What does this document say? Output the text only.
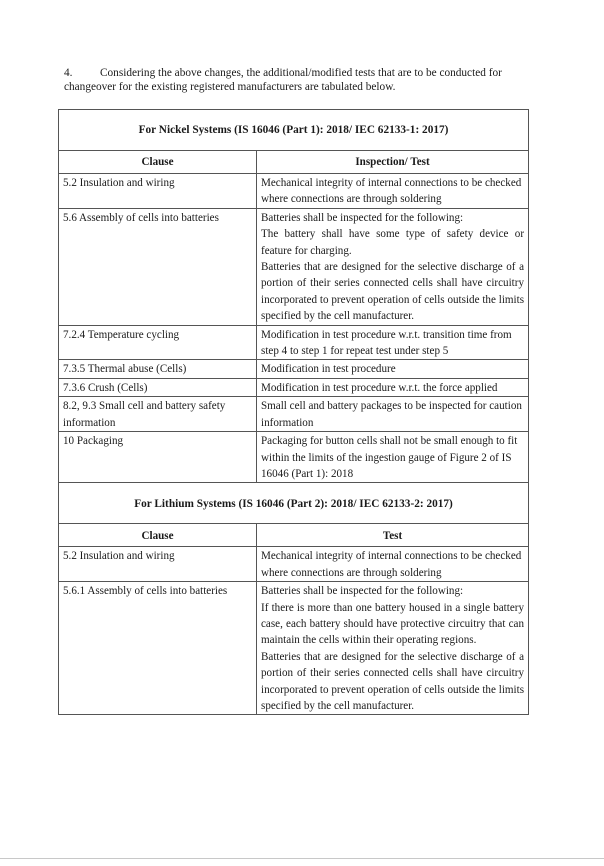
4. Considering the above changes, the additional/modified tests that are to be conducted for changeover for the existing registered manufacturers are tabulated below.
For Nickel Systems (IS 16046 (Part 1): 2018/ IEC 62133-1: 2017)	
Clause	Inspection/ Test
5.2 Insulation and wiring	Mechanical integrity of internal connections to be checked where connections are through soldering
5.6 Assembly of cells into batteries	Batteries shall be inspected for the following:
The battery shall have some type of safety device or feature for charging.
Batteries that are designed for the selective discharge of a portion of their series connected cells shall have circuitry incorporated to prevent operation of cells outside the limits specified by the cell manufacturer.

7.2.4 Temperature cycling	Modification in test procedure w.r.t. transition time from step 4 to step 1 for repeat test under step 5
7.3.5 Thermal abuse (Cells)	Modification in test procedure
7.3.6 Crush (Cells)	Modification in test procedure w.r.t. the force applied
8.2, 9.3 Small cell and battery safety information	Small cell and battery packages to be inspected for caution information
10 Packaging	Packaging for button cells shall not be small enough to fit within the limits of the ingestion gauge of Figure 2 of IS 16046 (Part 1): 2018
For Lithium Systems (IS 16046 (Part 2): 2018/ IEC 62133-2: 2017)	
Clause	Test
5.2 Insulation and wiring	Mechanical integrity of internal connections to be checked where connections are through soldering
5.6.1 Assembly of cells into batteries	Batteries shall be inspected for the following:
If there is more than one battery housed in a single battery case, each battery should have protective circuitry that can maintain the cells within their operating regions.
Batteries that are designed for the selective discharge of a portion of their series connected cells shall have circuitry incorporated to prevent operation of cells outside the limits specified by the cell manufacturer.
